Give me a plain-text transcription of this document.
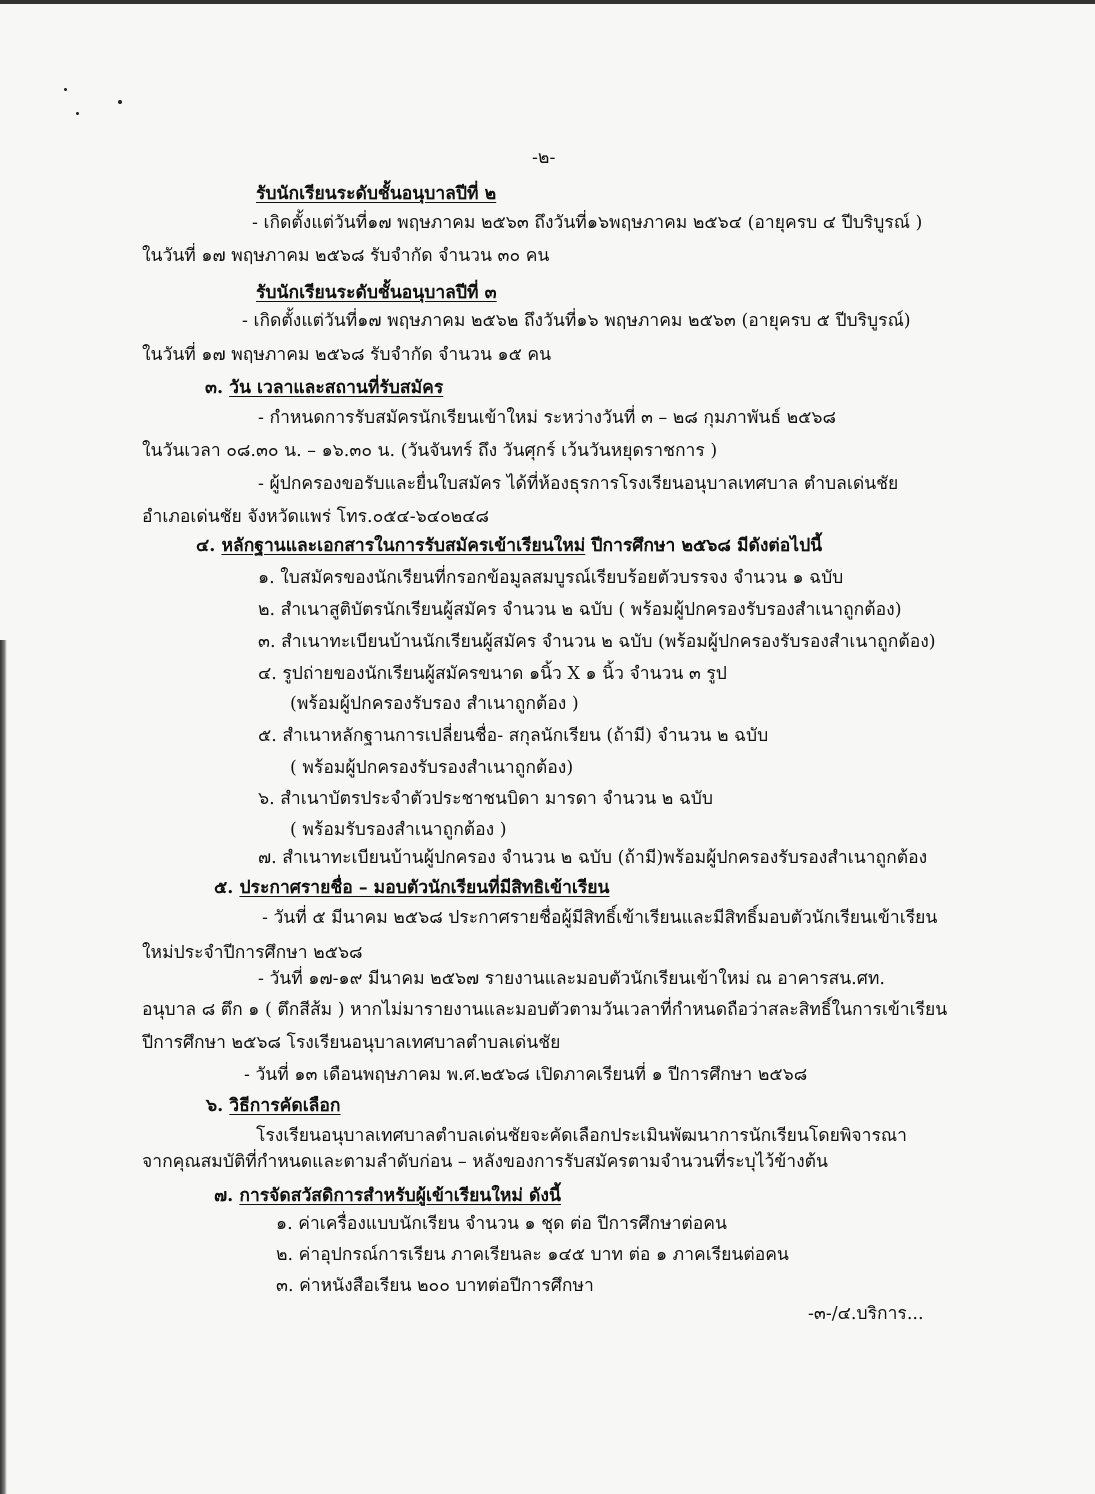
-๒-
รับนักเรียนระดับชั้นอนุบาลปีที่ ๒
- เกิดตั้งแต่วันที่๑๗ พฤษภาคม ๒๕๖๓ ถึงวันที่๑๖พฤษภาคม ๒๕๖๔ (อายุครบ ๔ ปีบริบูรณ์ )
ในวันที่ ๑๗ พฤษภาคม ๒๕๖๘ รับจำกัด จำนวน ๓๐ คน
รับนักเรียนระดับชั้นอนุบาลปีที่ ๓
- เกิดตั้งแต่วันที่๑๗ พฤษภาคม ๒๕๖๒ ถึงวันที่๑๖ พฤษภาคม ๒๕๖๓ (อายุครบ ๕ ปีบริบูรณ์)
ในวันที่ ๑๗ พฤษภาคม ๒๕๖๘ รับจำกัด จำนวน ๑๕ คน
๓. วัน เวลาและสถานที่รับสมัคร
- กำหนดการรับสมัครนักเรียนเข้าใหม่ ระหว่างวันที่ ๓ – ๒๘ กุมภาพันธ์ ๒๕๖๘
ในวันเวลา ๐๘.๓๐ น. – ๑๖.๓๐ น. (วันจันทร์ ถึง วันศุกร์ เว้นวันหยุดราชการ )
- ผู้ปกครองขอรับและยื่นใบสมัคร ได้ที่ห้องธุรการโรงเรียนอนุบาลเทศบาล ตำบลเด่นชัย
อำเภอเด่นชัย จังหวัดแพร่ โทร.๐๕๔-๖๔๐๒๔๘
๔. หลักฐานและเอกสารในการรับสมัครเข้าเรียนใหม่ ปีการศึกษา ๒๕๖๘ มีดังต่อไปนี้
๑. ใบสมัครของนักเรียนที่กรอกข้อมูลสมบูรณ์เรียบร้อยตัวบรรจง จำนวน ๑ ฉบับ
๒. สำเนาสูติบัตรนักเรียนผู้สมัคร จำนวน ๒ ฉบับ ( พร้อมผู้ปกครองรับรองสำเนาถูกต้อง)
๓. สำเนาทะเบียนบ้านนักเรียนผู้สมัคร จำนวน ๒ ฉบับ (พร้อมผู้ปกครองรับรองสำเนาถูกต้อง)
๔. รูปถ่ายของนักเรียนผู้สมัครขนาด ๑นิ้ว X ๑ นิ้ว จำนวน ๓ รูป
(พร้อมผู้ปกครองรับรอง สำเนาถูกต้อง )
๕. สำเนาหลักฐานการเปลี่ยนชื่อ- สกุลนักเรียน (ถ้ามี) จำนวน ๒ ฉบับ
( พร้อมผู้ปกครองรับรองสำเนาถูกต้อง)
๖. สำเนาบัตรประจำตัวประชาชนบิดา มารดา จำนวน ๒ ฉบับ
( พร้อมรับรองสำเนาถูกต้อง )
๗. สำเนาทะเบียนบ้านผู้ปกครอง จำนวน ๒ ฉบับ (ถ้ามี)พร้อมผู้ปกครองรับรองสำเนาถูกต้อง
๕. ประกาศรายชื่อ – มอบตัวนักเรียนที่มีสิทธิเข้าเรียน
- วันที่ ๕ มีนาคม ๒๕๖๘ ประกาศรายชื่อผู้มีสิทธิ์เข้าเรียนและมีสิทธิ์มอบตัวนักเรียนเข้าเรียน
ใหม่ประจำปีการศึกษา ๒๕๖๘
- วันที่ ๑๗-๑๙ มีนาคม ๒๕๖๗ รายงานและมอบตัวนักเรียนเข้าใหม่ ณ อาคารสน.ศท.
อนุบาล ๘ ตึก ๑ ( ตึกสีส้ม ) หากไม่มารายงานและมอบตัวตามวันเวลาที่กำหนดถือว่าสละสิทธิ์ในการเข้าเรียน
ปีการศึกษา ๒๕๖๘ โรงเรียนอนุบาลเทศบาลตำบลเด่นชัย
- วันที่ ๑๓ เดือนพฤษภาคม พ.ศ.๒๕๖๘ เปิดภาคเรียนที่ ๑ ปีการศึกษา ๒๕๖๘
๖. วิธีการคัดเลือก
โรงเรียนอนุบาลเทศบาลตำบลเด่นชัยจะคัดเลือกประเมินพัฒนาการนักเรียนโดยพิจารณา
จากคุณสมบัติที่กำหนดและตามลำดับก่อน – หลังของการรับสมัครตามจำนวนที่ระบุไว้ข้างต้น
๗. การจัดสวัสดิการสำหรับผู้เข้าเรียนใหม่ ดังนี้
๑. ค่าเครื่องแบบนักเรียน จำนวน ๑ ชุด ต่อ ปีการศึกษาต่อคน
๒. ค่าอุปกรณ์การเรียน ภาคเรียนละ ๑๔๕ บาท ต่อ ๑ ภาคเรียนต่อคน
๓. ค่าหนังสือเรียน ๒๐๐ บาทต่อปีการศึกษา
-๓-/๔.บริการ...
